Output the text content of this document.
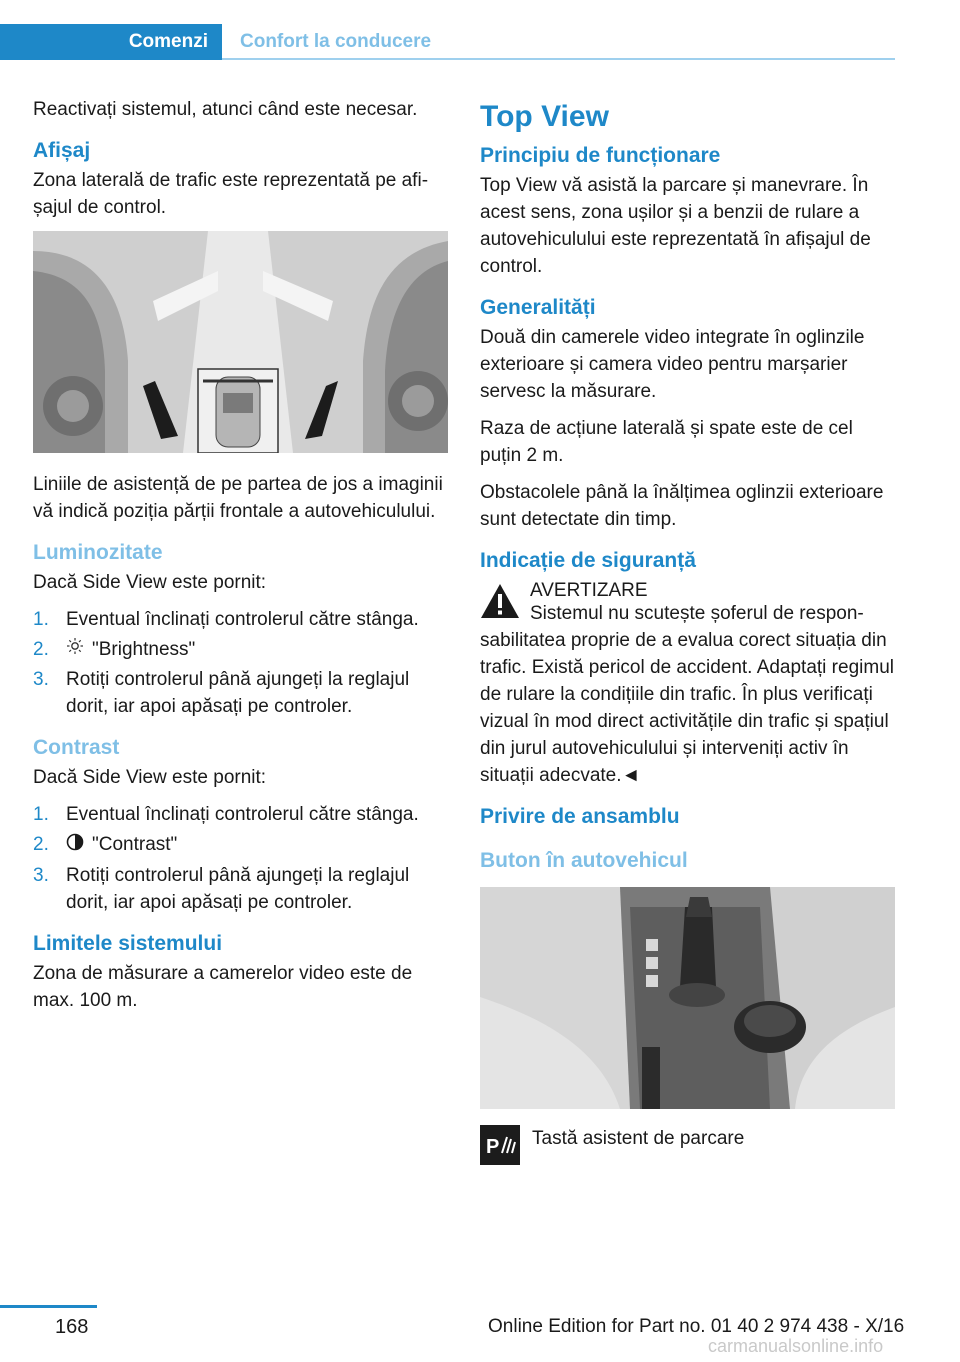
Comenzi	Confort la conducere

Reactivați sistemul, atunci când este necesar.

Afișaj

Zona laterală de trafic este reprezentată pe afișajul de control.

Liniile de asistență de pe partea de jos a imaginii vă indică poziția părții frontale a autovehiculului.

Luminozitate

Dacă Side View este pornit:

1. Eventual înclinați controlerul către stânga.
2.	"Brightness"
3. Rotiți controlerul până ajungeți la reglajul dorit, iar apoi apăsați pe controler.
Contrast

Dacă Side View este pornit:

1. Eventual înclinați controlerul către stânga.
2.	"Contrast"
3. Rotiți controlerul până ajungeți la reglajul dorit, iar apoi apăsați pe controler.
Limitele sistemului

Zona de măsurare a camerelor video este de max. 100 m.

Top View
Principiu de funcționare

Top View vă asistă la parcare și manevrare. În acest sens, zona ușilor și a benzii de rulare a autovehiculului este reprezentată în afișajul de control.

Generalități

Două din camerele video integrate în oglinzile exterioare și camera video pentru marșarier servesc la măsurare.

Raza de acțiune laterală și spate este de cel puțin 2 m.

Obstacolele până la înălțimea oglinzii exterioare sunt detectate din timp.

Indicație de siguranță
AVERTIZARE

Sistemul nu scutește șoferul de responsabilitatea proprie de a evalua corect situația din trafic. Există pericol de accident. Adaptați regimul de rulare la condițiile din trafic. În plus verificați vizual în mod direct activitățile din trafic și spațiul din jurul autovehiculului și interveniți activ în situații adecvate.◄

Privire de ansamblu
Buton în autovehicul
P Tastă asistent de parcare
168	Online Edition for Part no. 01 40 2 974 438 - X/16
carmanualsonline.info
